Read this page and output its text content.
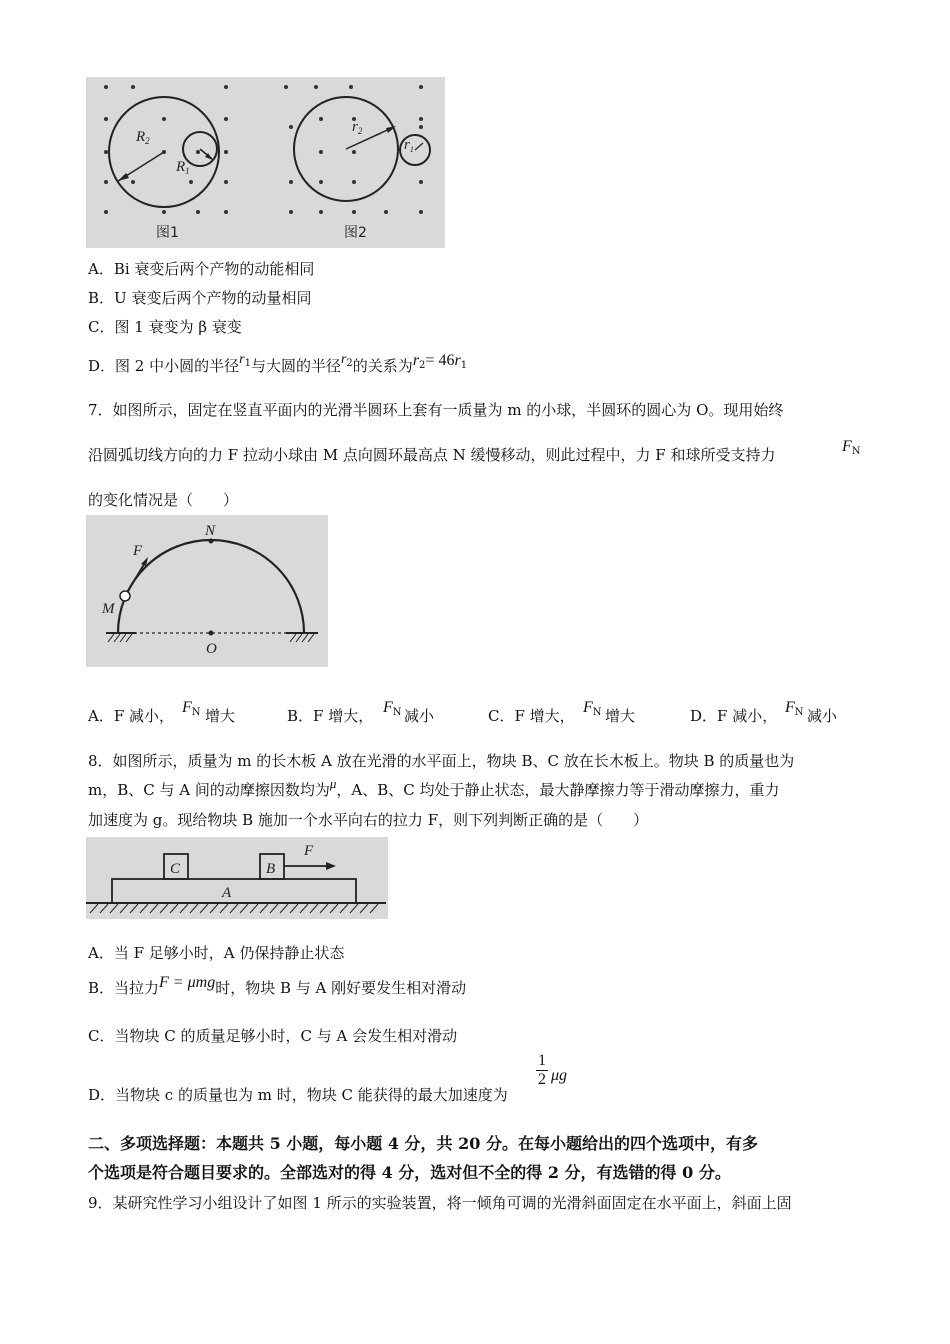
$R_2$
$R_1$
图1
$r_2$
$r_1$
图2
A．Bi 衰变后两个产物的动能相同
B．U 衰变后两个产物的动量相同
C．图 1 衰变为 β 衰变
D．图 2 中小圆的半径$r^1$与大圆的半径$r^2$的关系为$r^2= 46r^1$
7．如图所示，固定在竖直平面内的光滑半圆环上套有一质量为 m 的小球，半圆环的圆心为 O。现用始终
沿圆弧切线方向的力 F 拉动小球由 M 点向圆环最高点 N 缓慢移动，则此过程中，力 F 和球所受支持力	$F_N$
的变化情况是（　　）
N
F
M
O
A．F 减小， $F_N$ 增大	B．F 增大， $F_N$ 减小	C．F 增大， $F_N$ 增大	D．F 减小， $F_N$ 减小
8．如图所示，质量为 m 的长木板 A 放在光滑的水平面上，物块 B、C 放在长木板上。物块 B 的质量也为
m，B、C 与 A 间的动摩擦因数均为μ，A、B、C 均处于静止状态，最大静摩擦力等于滑动摩擦力，重力
加速度为 g。现给物块 B 施加一个水平向右的拉力 F，则下列判断正确的是（　　）
C	B
F
A
A．当 F 足够小时，A 仍保持静止状态
B．当拉力F = μmg时，物块 B 与 A 刚好要发生相对滑动
C．当物块 C 的质量足够小时，C 与 A 会发生相对滑动
D．当物块 c 的质量也为 m 时，物块 C 能获得的最大加速度为
1
2 μg
二、多项选择题：本题共 5 小题，每小题 4 分，共 20 分。在每小题给出的四个选项中，有多
个选项是符合题目要求的。全部选对的得 4 分，选对但不全的得 2 分，有选错的得 0 分。
9．某研究性学习小组设计了如图 1 所示的实验装置，将一倾角可调的光滑斜面固定在水平面上，斜面上固
